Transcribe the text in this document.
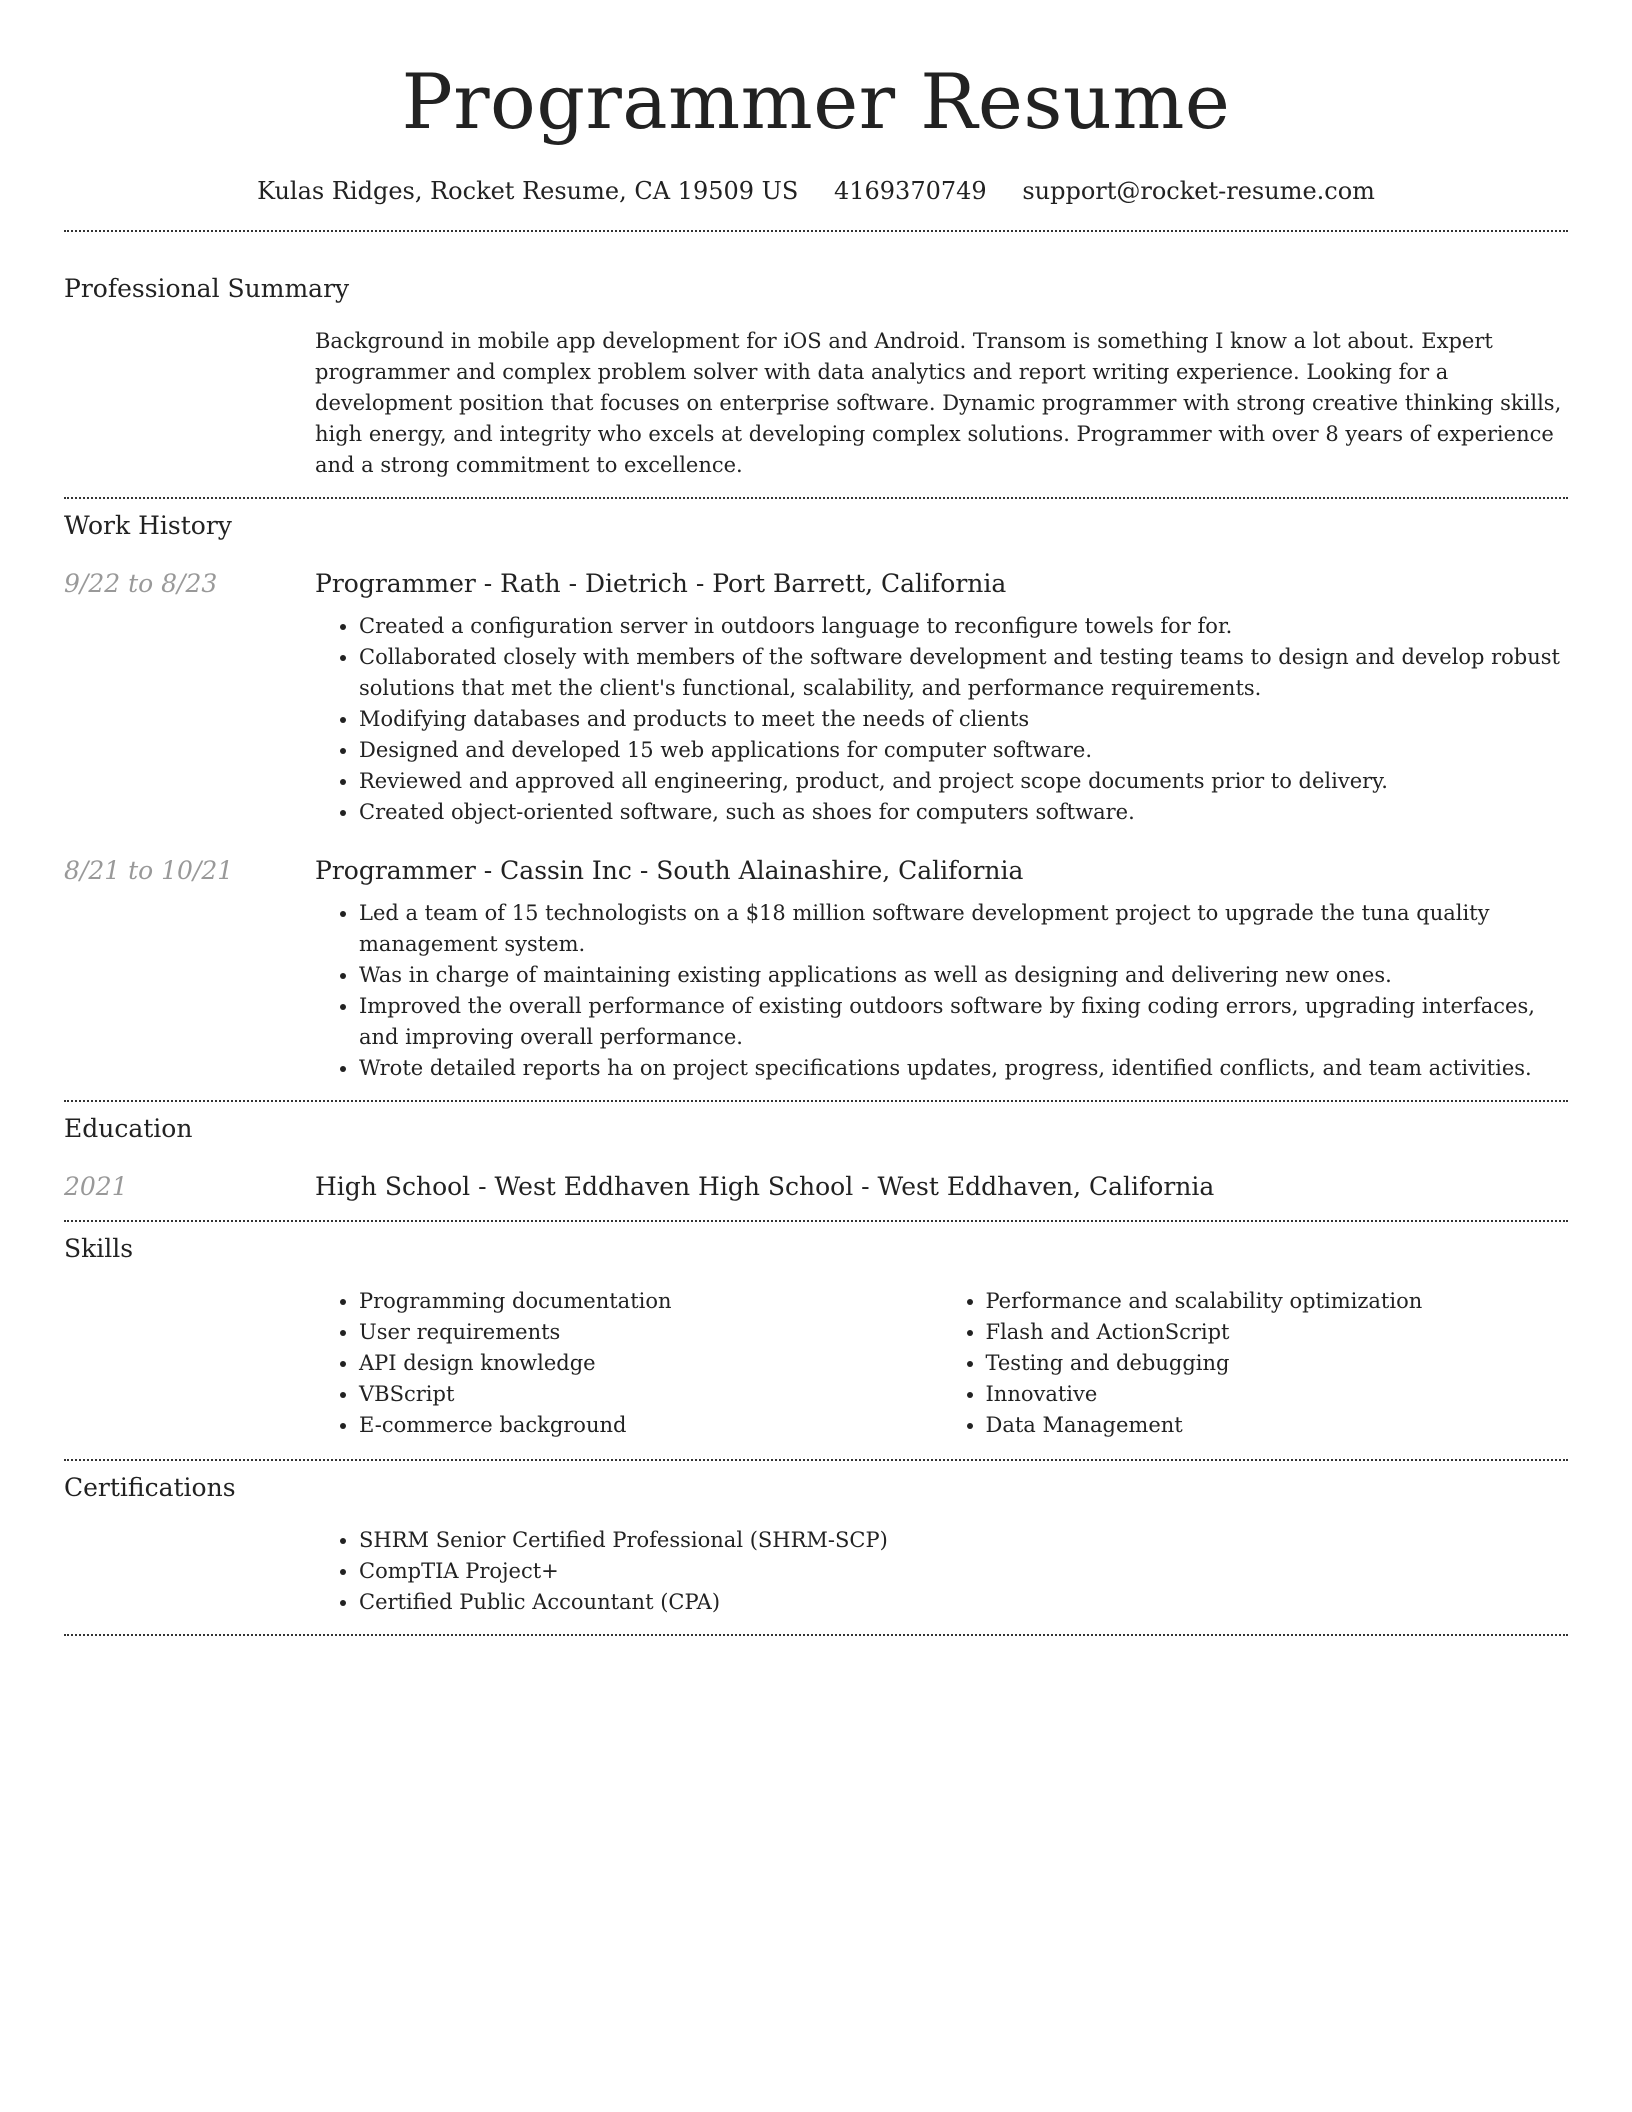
Programmer Resume
Kulas Ridges, Rocket Resume, CA 19509 US 4169370749 support@rocket-resume.com
Professional Summary

Background in mobile app development for iOS and Android. Transom is something I know a lot about. Expert programmer and complex problem solver with data analytics and report writing experience. Looking for a development position that focuses on enterprise software. Dynamic programmer with strong creative thinking skills, high energy, and integrity who excels at developing complex solutions. Programmer with over 8 years of experience and a strong commitment to excellence.

Work History
9/22 to 8/23	Programmer - Rath - Dietrich - Port Barrett, California

• Created a configuration server in outdoors language to reconfigure towels for for.
• Collaborated closely with members of the software development and testing teams to design and develop robust solutions that met the client's functional, scalability, and performance requirements.
• Modifying databases and products to meet the needs of clients
• Designed and developed 15 web applications for computer software.
• Reviewed and approved all engineering, product, and project scope documents prior to delivery.
• Created object-oriented software, such as shoes for computers software.
8/21 to 10/21	Programmer - Cassin Inc - South Alainashire, California

• Led a team of 15 technologists on a $18 million software development project to upgrade the tuna quality management system.
• Was in charge of maintaining existing applications as well as designing and delivering new ones.
• Improved the overall performance of existing outdoors software by fixing coding errors, upgrading interfaces, and improving overall performance.
• Wrote detailed reports ha on project specifications updates, progress, identified conflicts, and team activities.
Education
2021	High School - West Eddhaven High School - West Eddhaven, California

Skills
• Programming documentation
• User requirements
• API design knowledge
• VBScript
• E-commerce background
• Performance and scalability optimization
• Flash and ActionScript
• Testing and debugging
• Innovative
• Data Management
Certifications
• SHRM Senior Certified Professional (SHRM-SCP)
• CompTIA Project+
• Certified Public Accountant (CPA)
